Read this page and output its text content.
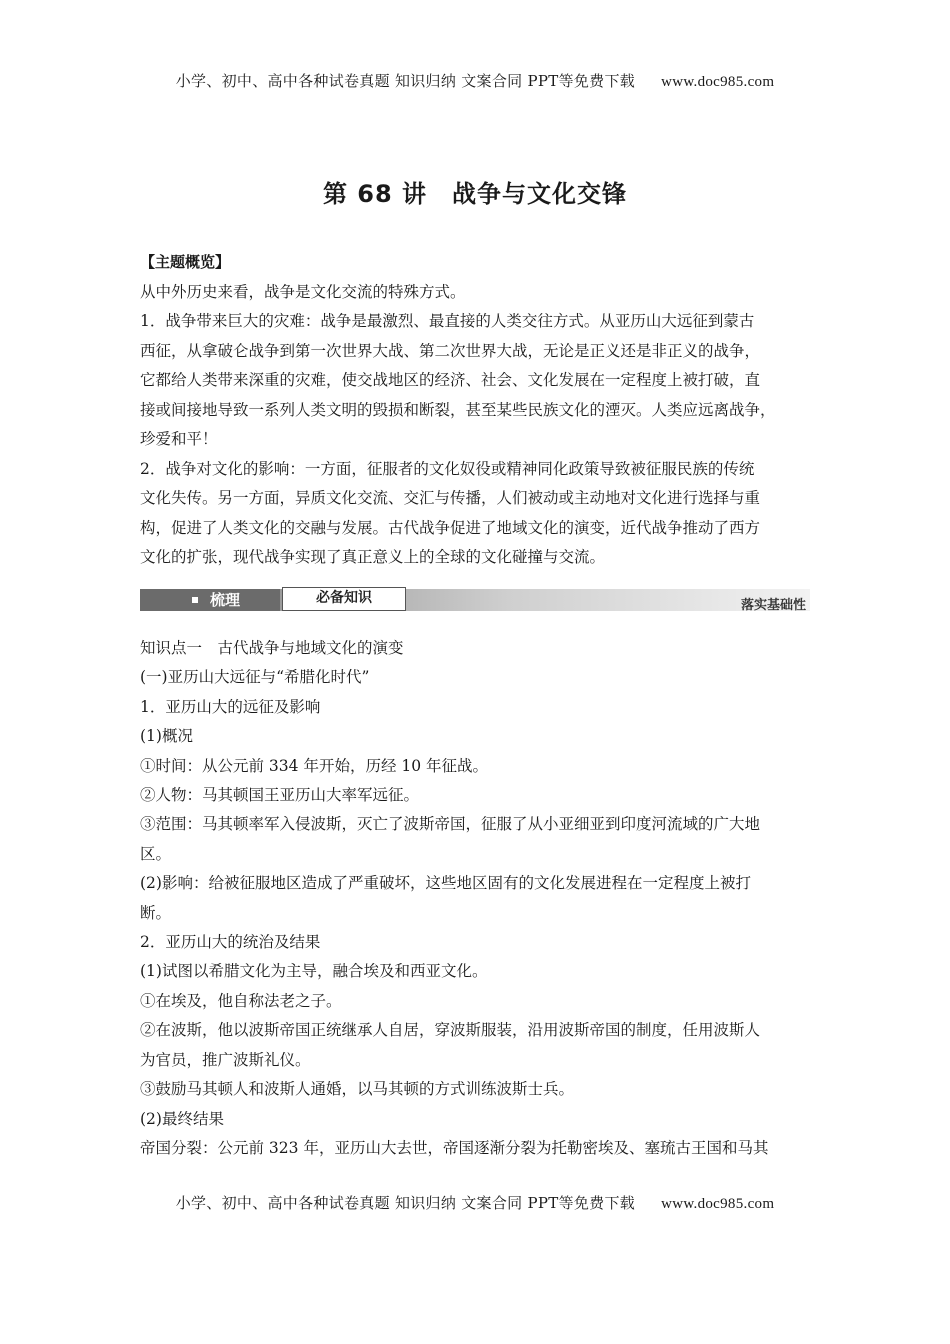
小学、初中、高中各种试卷真题 知识归纳 文案合同 PPT等免费下载 www.doc985.com
第 68 讲　战争与文化交锋

【主题概览】

从中外历史来看，战争是文化交流的特殊方式。

1．战争带来巨大的灾难：战争是最激烈、最直接的人类交往方式。从亚历山大远征到蒙古

西征，从拿破仑战争到第一次世界大战、第二次世界大战，无论是正义还是非正义的战争，

它都给人类带来深重的灾难，使交战地区的经济、社会、文化发展在一定程度上被打破，直

接或间接地导致一系列人类文明的毁损和断裂，甚至某些民族文化的湮灭。人类应远离战争，

珍爱和平！

2．战争对文化的影响：一方面，征服者的文化奴役或精神同化政策导致被征服民族的传统

文化失传。另一方面，异质文化交流、交汇与传播，人们被动或主动地对文化进行选择与重

构，促进了人类文化的交融与发展。古代战争促进了地域文化的演变，近代战争推动了西方

文化的扩张，现代战争实现了真正意义上的全球的文化碰撞与交流。

梳理	必备知识	落实基础性

知识点一　古代战争与地域文化的演变

(一)亚历山大远征与“希腊化时代”

1．亚历山大的远征及影响

(1)概况

①时间：从公元前 334 年开始，历经 10 年征战。

②人物：马其顿国王亚历山大率军远征。

③范围：马其顿率军入侵波斯，灭亡了波斯帝国，征服了从小亚细亚到印度河流域的广大地

区。

(2)影响：给被征服地区造成了严重破坏，这些地区固有的文化发展进程在一定程度上被打

断。

2．亚历山大的统治及结果

(1)试图以希腊文化为主导，融合埃及和西亚文化。

①在埃及，他自称法老之子。

②在波斯，他以波斯帝国正统继承人自居，穿波斯服装，沿用波斯帝国的制度，任用波斯人

为官员，推广波斯礼仪。

③鼓励马其顿人和波斯人通婚，以马其顿的方式训练波斯士兵。

(2)最终结果

帝国分裂：公元前 323 年，亚历山大去世，帝国逐渐分裂为托勒密埃及、塞琉古王国和马其

小学、初中、高中各种试卷真题 知识归纳 文案合同 PPT等免费下载 www.doc985.com
